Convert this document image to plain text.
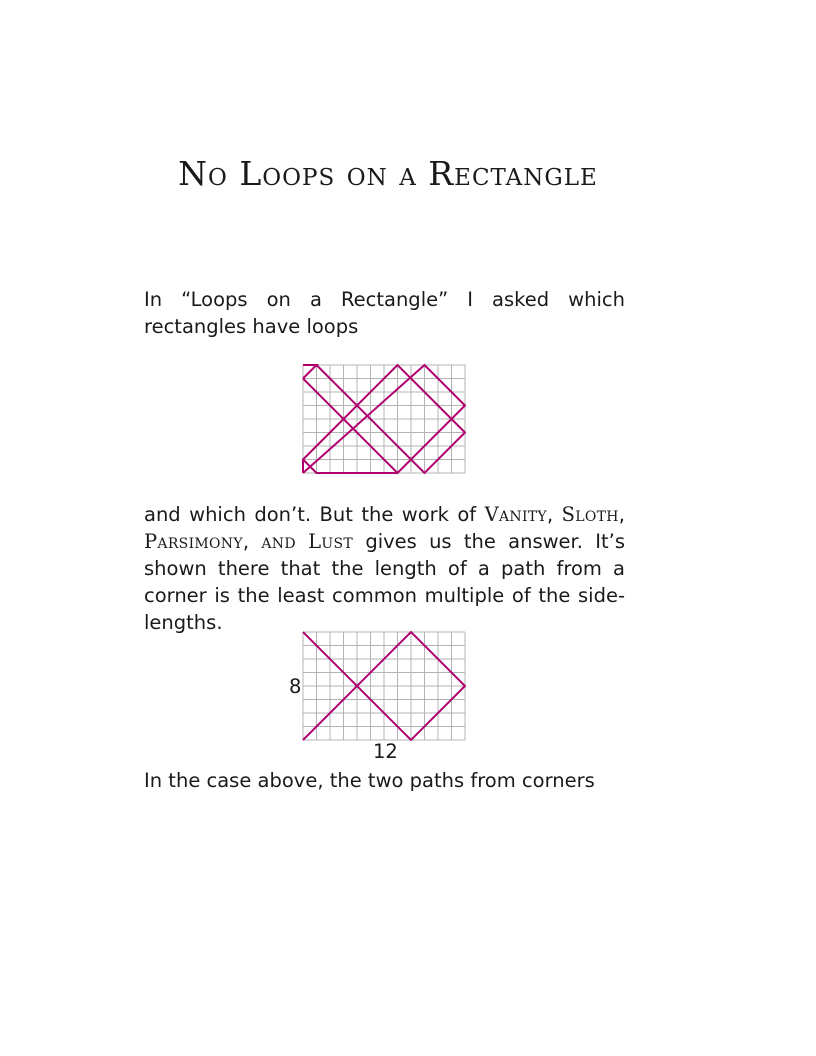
No Loops on a Rectangle

In “Loops on a Rectangle” I asked which rectangles have loops

and which don’t. But the work of Vanity, Sloth, Parsimony, and Lust gives us the answer. It’s shown there that the length of a path from a corner is the least common multiple of the side-lengths.

8
12

In the case above, the two paths from corners
